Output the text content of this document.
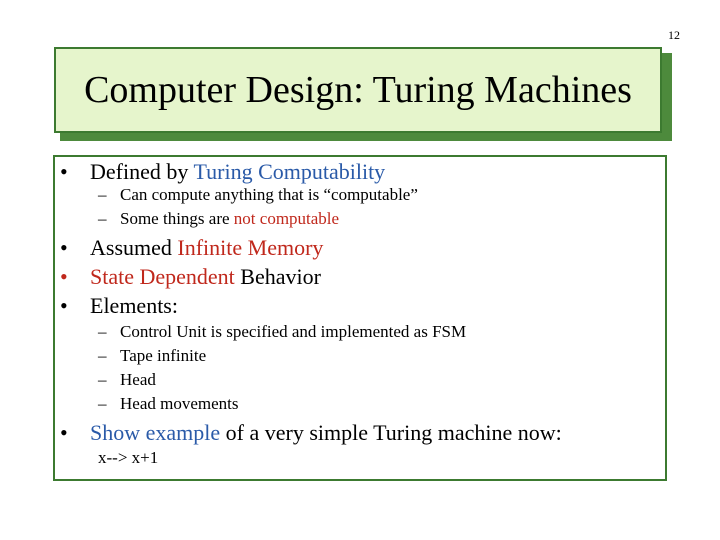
12
Computer Design: Turing Machines
• Defined by Turing Computability
– Can compute anything that is “computable”
– Some things are not computable
• Assumed Infinite Memory
• State Dependent Behavior
• Elements:
– Control Unit is specified and implemented as FSM
– Tape infinite
– Head
– Head movements
• Show example of a very simple Turing machine now:
x--> x+1
